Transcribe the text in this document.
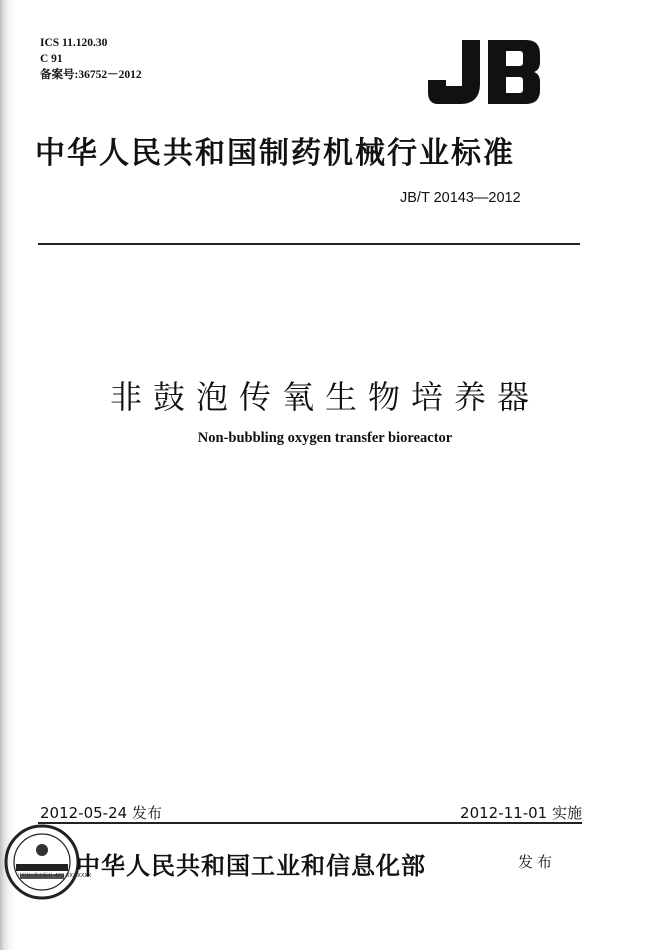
ICS 11.120.30
C 91
备案号:36752－2012
中华人民共和国制药机械行业标准
JB/T 20143—2012
非鼓泡传氧生物培养器
Non-bubbling oxygen transfer bioreactor
2012-05-24 发布	2012-11-01 实施
中国标准出版社 400-XXX-XXXX
中华人民共和国工业和信息化部	发布
